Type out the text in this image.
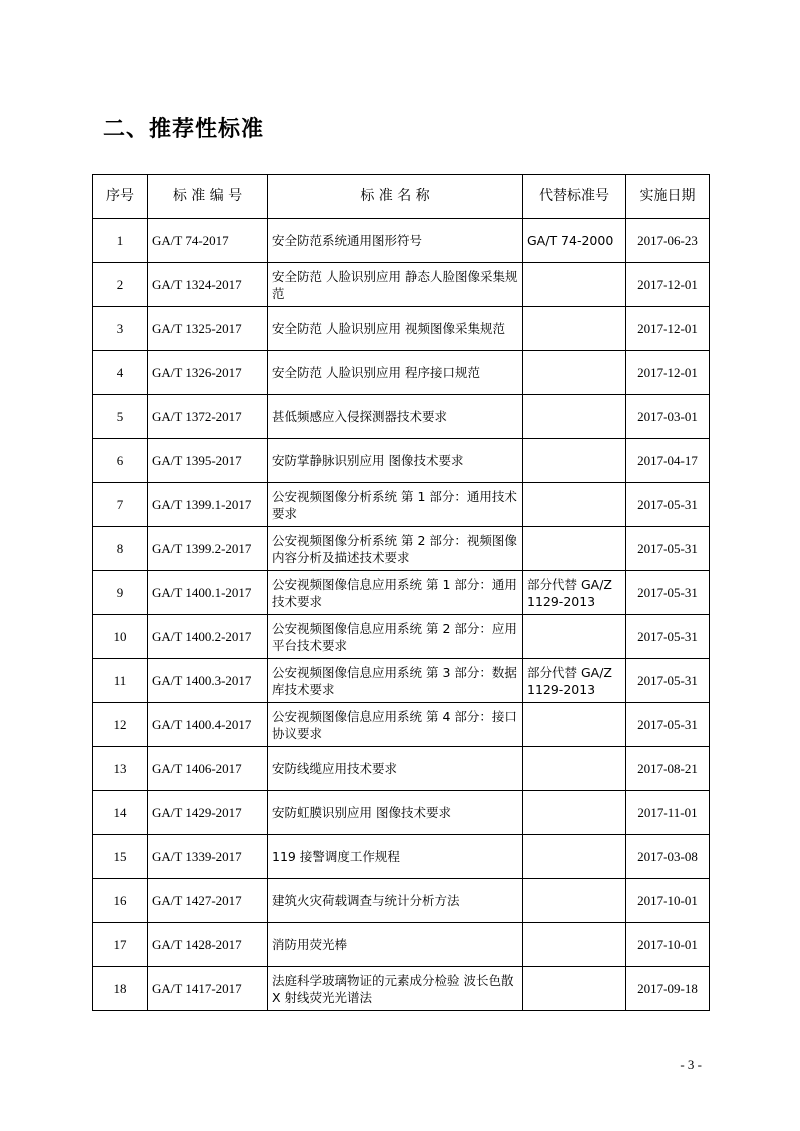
二、推荐性标准
序号	标 准 编 号	标 准 名 称	代替标准号	实施日期
1	GA/T 74-2017	安全防范系统通用图形符号	GA/T 74-2000	2017-06-23
2	GA/T 1324-2017	安全防范 人脸识别应用 静态人脸图像采集规范		2017-12-01
3	GA/T 1325-2017	安全防范 人脸识别应用 视频图像采集规范		2017-12-01
4	GA/T 1326-2017	安全防范 人脸识别应用 程序接口规范		2017-12-01
5	GA/T 1372-2017	甚低频感应入侵探测器技术要求		2017-03-01
6	GA/T 1395-2017	安防掌静脉识别应用 图像技术要求		2017-04-17
7	GA/T 1399.1-2017	公安视频图像分析系统 第 1 部分：通用技术要求		2017-05-31
8	GA/T 1399.2-2017	公安视频图像分析系统 第 2 部分：视频图像内容分析及描述技术要求		2017-05-31
9	GA/T 1400.1-2017	公安视频图像信息应用系统 第 1 部分：通用技术要求	部分代替 GA/Z 1129-2013	2017-05-31
10	GA/T 1400.2-2017	公安视频图像信息应用系统 第 2 部分：应用平台技术要求		2017-05-31
11	GA/T 1400.3-2017	公安视频图像信息应用系统 第 3 部分：数据库技术要求	部分代替 GA/Z 1129-2013	2017-05-31
12	GA/T 1400.4-2017	公安视频图像信息应用系统 第 4 部分：接口协议要求		2017-05-31
13	GA/T 1406-2017	安防线缆应用技术要求		2017-08-21
14	GA/T 1429-2017	安防虹膜识别应用 图像技术要求		2017-11-01
15	GA/T 1339-2017	119 接警调度工作规程		2017-03-08
16	GA/T 1427-2017	建筑火灾荷载调查与统计分析方法		2017-10-01
17	GA/T 1428-2017	消防用荧光棒		2017-10-01
18	GA/T 1417-2017	法庭科学玻璃物证的元素成分检验 波长色散 X 射线荧光光谱法		2017-09-18
- 3 -
